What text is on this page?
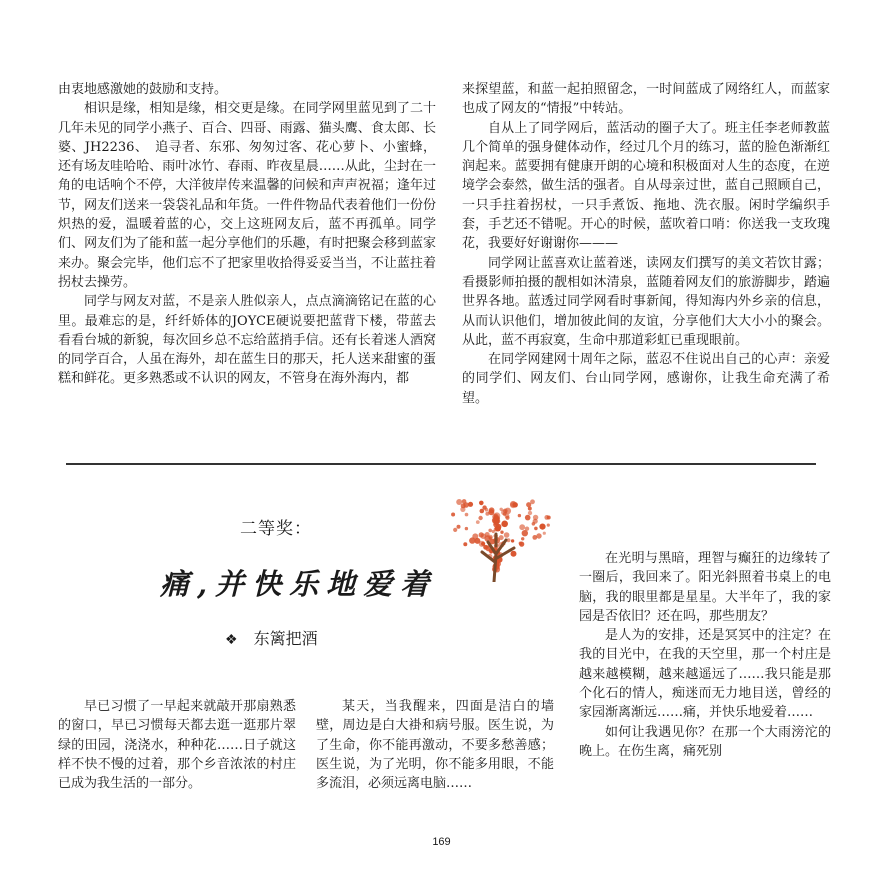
由衷地感激她的鼓励和支持。

相识是缘，相知是缘，相交更是缘。在同学网里蓝见到了二十几年未见的同学小燕子、百合、四哥、雨露、猫头鹰、食太郎、长婆、JH2236、　追寻者、东邪、匆匆过客、花心萝卜、小蜜蜂，还有场友哇哈哈、雨叶冰竹、春雨、昨夜星晨……从此，尘封在一角的电话响个不停，大洋彼岸传来温馨的问候和声声祝福；逢年过节，网友们送来一袋袋礼品和年货。一件件物品代表着他们一份份炽热的爱，温暖着蓝的心，交上这班网友后，蓝不再孤单。同学们、网友们为了能和蓝一起分享他们的乐趣，有时把聚会移到蓝家来办。聚会完毕，他们忘不了把家里收拾得妥妥当当，不让蓝拄着拐杖去操劳。

同学与网友对蓝，不是亲人胜似亲人，点点滴滴铭记在蓝的心里。最难忘的是，纤纤娇体的JOYCE硬说要把蓝背下楼，带蓝去看看台城的新貌，每次回乡总不忘给蓝捎手信。还有长着迷人酒窝的同学百合，人虽在海外，却在蓝生日的那天，托人送来甜蜜的蛋糕和鲜花。更多熟悉或不认识的网友，不管身在海外海内，都

来探望蓝，和蓝一起拍照留念，一时间蓝成了网络红人，而蓝家也成了网友的“情报”中转站。

自从上了同学网后，蓝活动的圈子大了。班主任李老师教蓝几个简单的强身健体动作，经过几个月的练习，蓝的脸色渐渐红润起来。蓝要拥有健康开朗的心境和积极面对人生的态度，在逆境学会泰然，做生活的强者。自从母亲过世，蓝自己照顾自己，一只手拄着拐杖，一只手煮饭、拖地、洗衣服。闲时学编织手套，手艺还不错呢。开心的时候，蓝吹着口哨：你送我一支玫瑰花，我要好好谢谢你———

同学网让蓝喜欢让蓝着迷，读网友们撰写的美文若饮甘露；看摄影师拍摄的靓相如沐清泉，蓝随着网友们的旅游脚步，踏遍世界各地。蓝透过同学网看时事新闻，得知海内外乡亲的信息，从而认识他们，增加彼此间的友谊，分享他们大大小小的聚会。从此，蓝不再寂寞，生命中那道彩虹已重现眼前。

在同学网建网十周年之际，蓝忍不住说出自己的心声：亲爱的同学们、网友们、台山同学网，感谢你，让我生命充满了希望。

二等奖：
痛,并快乐地爱着
❖ 东篱把酒

早已习惯了一早起来就敲开那扇熟悉的窗口，早已习惯每天都去逛一逛那片翠绿的田园，浇浇水，种种花……日子就这样不快不慢的过着，那个乡音浓浓的村庄已成为我生活的一部分。

某天，当我醒来，四面是洁白的墙壁，周边是白大褂和病号服。医生说，为了生命，你不能再激动，不要多愁善感；医生说，为了光明，你不能多用眼，不能多流泪，必须远离电脑……

在光明与黑暗，理智与癫狂的边缘转了一圈后，我回来了。阳光斜照着书桌上的电脑，我的眼里都是星星。大半年了，我的家园是否依旧？还在吗，那些朋友？

是人为的安排，还是冥冥中的注定？在我的目光中，在我的天空里，那一个村庄是越来越模糊，越来越遥远了……我只能是那个化石的情人，痴迷而无力地目送，曾经的家园渐离渐远……痛，并快乐地爱着……

如何让我遇见你？在那一个大雨滂沱的晚上。在伤生离，痛死别

169
